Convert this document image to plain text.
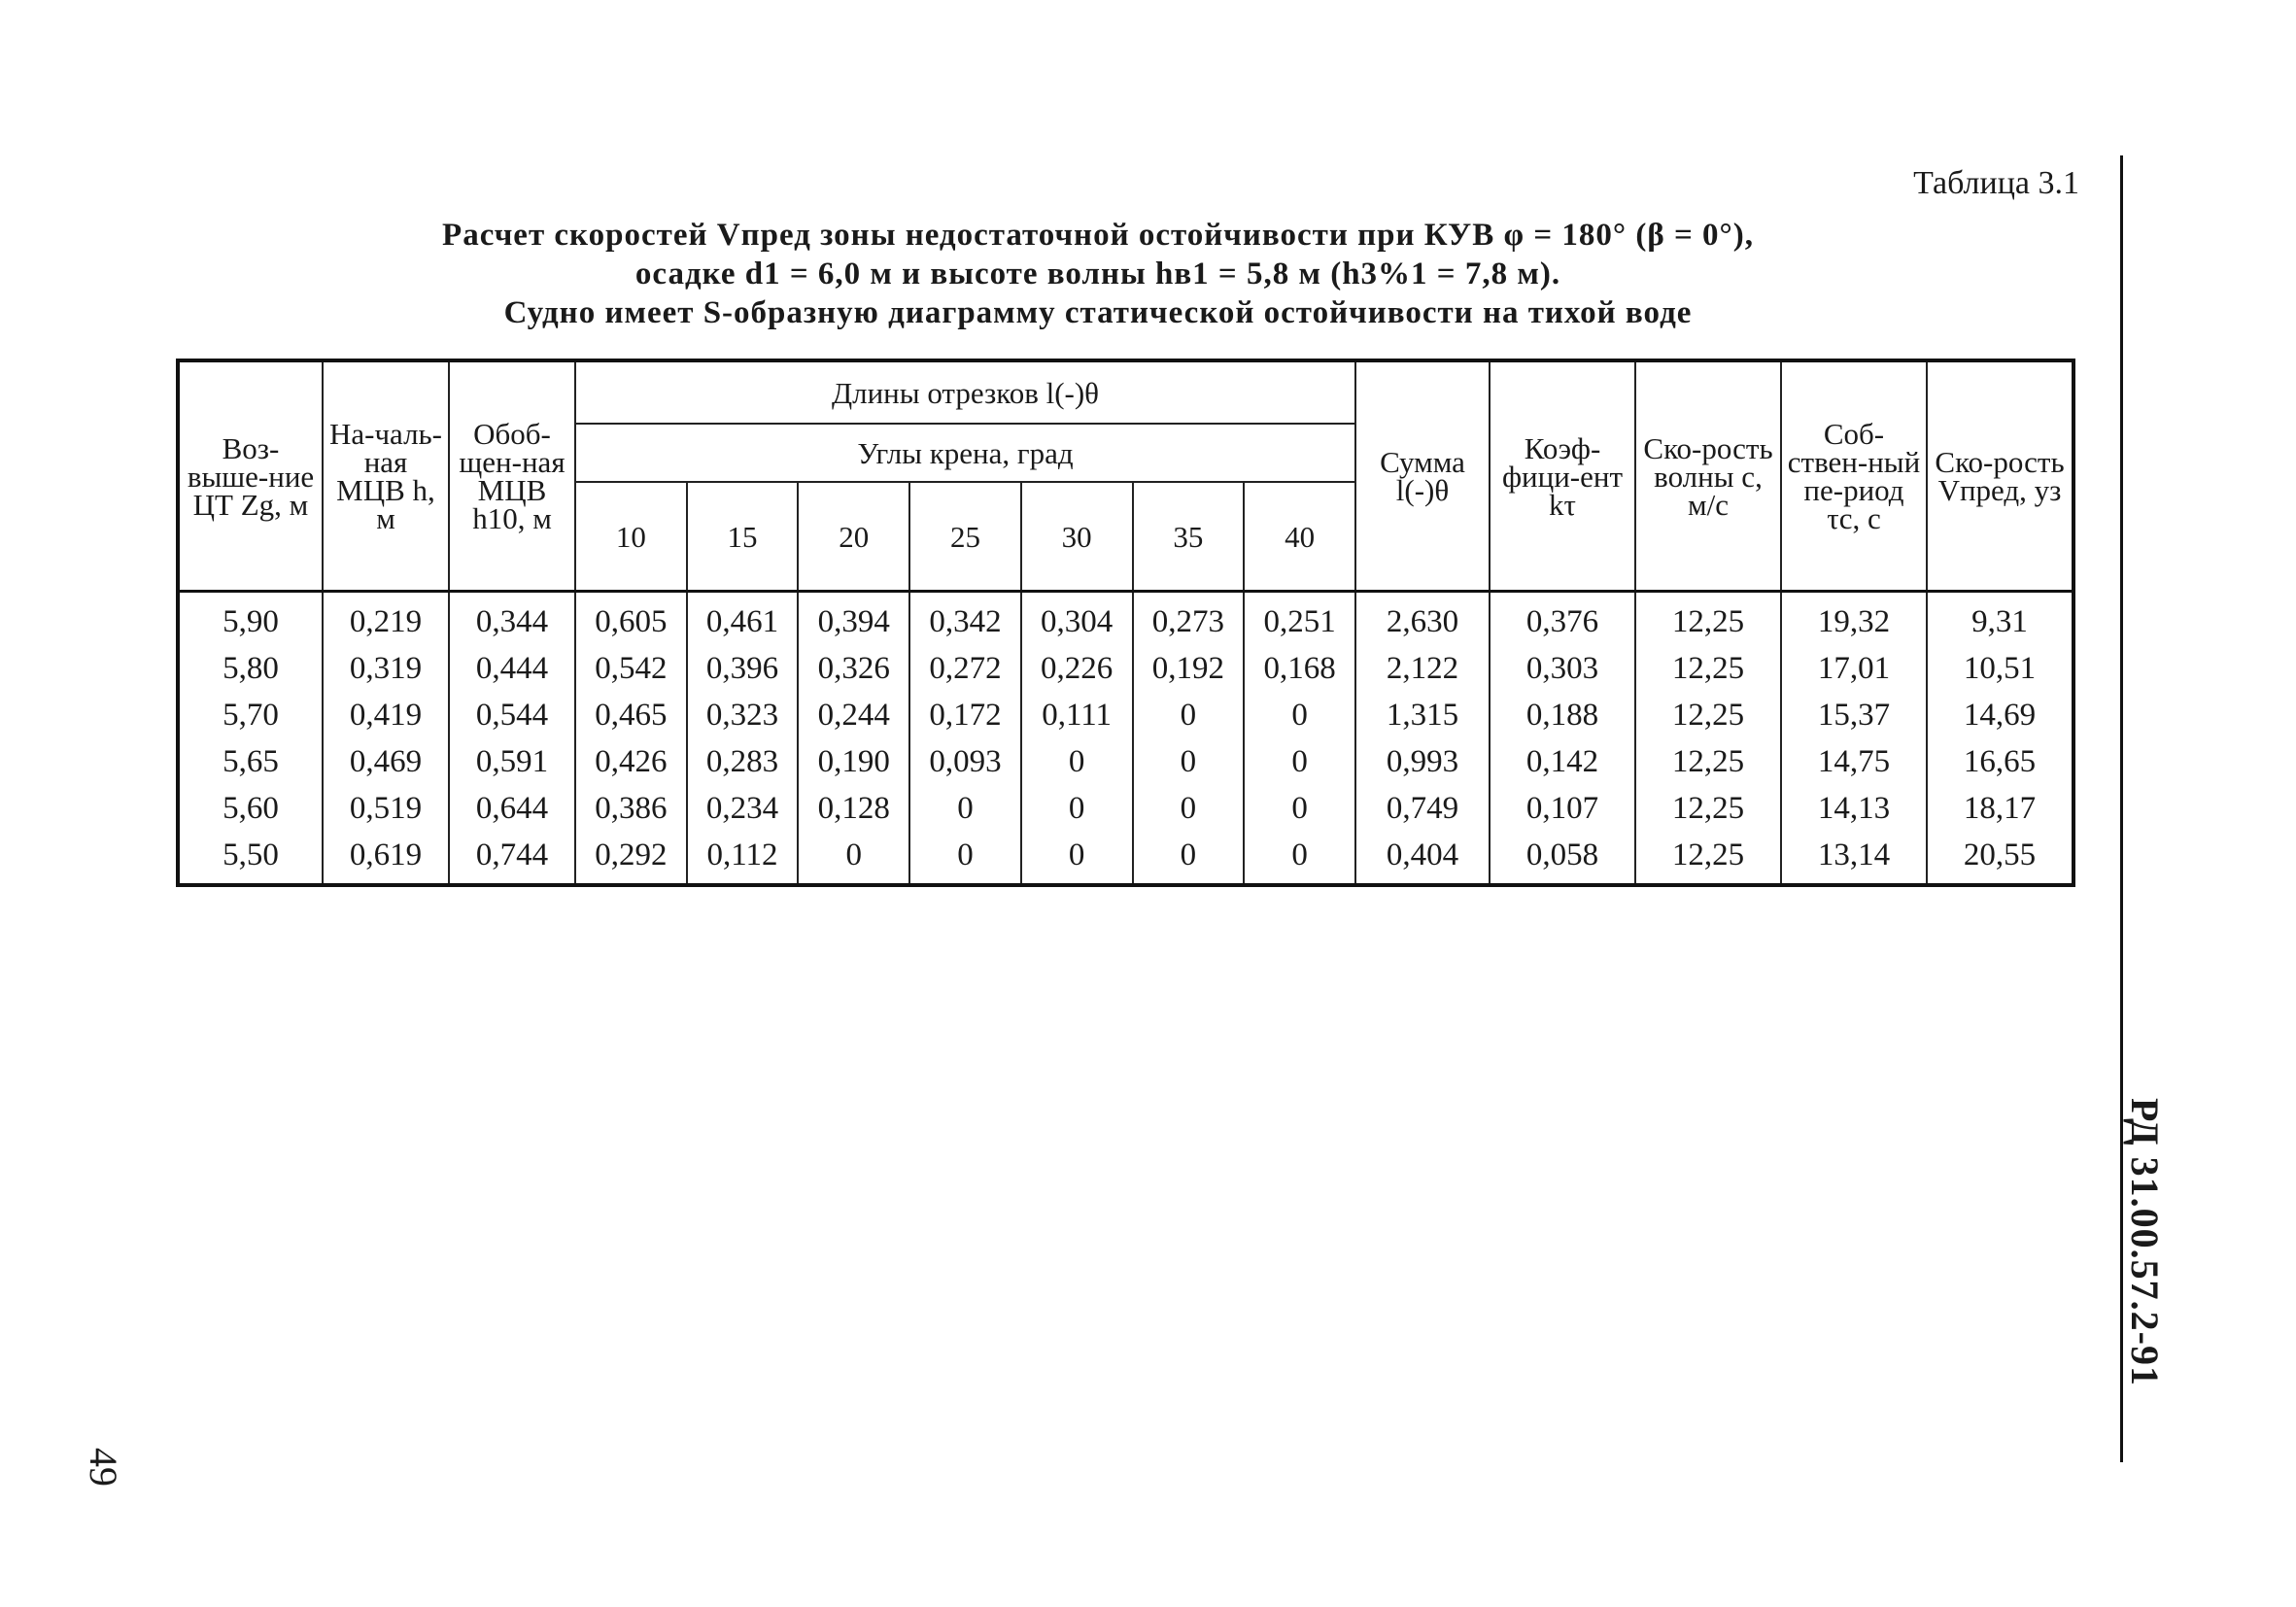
Таблица 3.1
Расчет скоростей Vпред зоны недостаточной остойчивости при КУВ φ = 180° (β = 0°),
осадке d1 = 6,0 м и высоте волны hв1 = 5,8 м (h3%1 = 7,8 м).
Судно имеет S-образную диаграмму статической остойчивости на тихой воде
РД 31.00.57.2-91
49
Воз-выше-ние ЦТ Zg, м	На-чаль-ная МЦВ h, м	Обоб-щен-ная МЦВ h10, м	Длины отрезков l(-)θ							Сумма l(-)θ	Коэф-фици-ент kτ	Ско-рость волны c, м/с	Соб-ствен-ный пе-риод τc, с	Ско-рость Vпред, уз
			Углы крена, град											
			10	15	20	25	30	35	40					
5,90	0,219	0,344	0,605	0,461	0,394	0,342	0,304	0,273	0,251	2,630	0,376	12,25	19,32	9,31
5,80	0,319	0,444	0,542	0,396	0,326	0,272	0,226	0,192	0,168	2,122	0,303	12,25	17,01	10,51
5,70	0,419	0,544	0,465	0,323	0,244	0,172	0,111	0	0	1,315	0,188	12,25	15,37	14,69
5,65	0,469	0,591	0,426	0,283	0,190	0,093	0	0	0	0,993	0,142	12,25	14,75	16,65
5,60	0,519	0,644	0,386	0,234	0,128	0	0	0	0	0,749	0,107	12,25	14,13	18,17
5,50	0,619	0,744	0,292	0,112	0	0	0	0	0	0,404	0,058	12,25	13,14	20,55
